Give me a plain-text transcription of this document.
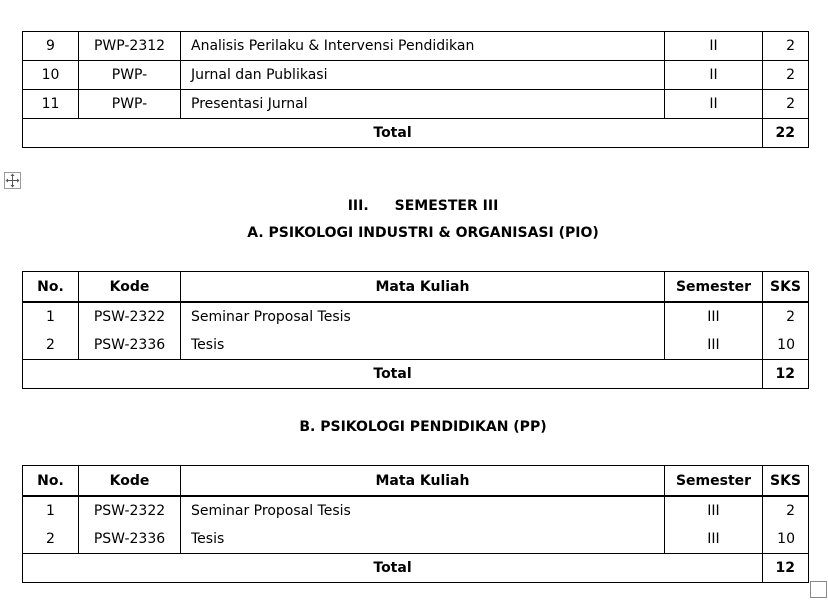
9	PWP-2312	Analisis Perilaku & Intervensi Pendidikan	II	2
10	PWP-	Jurnal dan Publikasi	II	2
11	PWP-	Presentasi Jurnal	II	2
Total				22
III. SEMESTER III
A. PSIKOLOGI INDUSTRI & ORGANISASI (PIO)
No.	Kode	Mata Kuliah	Semester	SKS
1	PSW-2322	Seminar Proposal Tesis	III	2
2	PSW-2336	Tesis	III	10
Total				12
B. PSIKOLOGI PENDIDIKAN (PP)
No.	Kode	Mata Kuliah	Semester	SKS
1	PSW-2322	Seminar Proposal Tesis	III	2
2	PSW-2336	Tesis	III	10
Total				12
